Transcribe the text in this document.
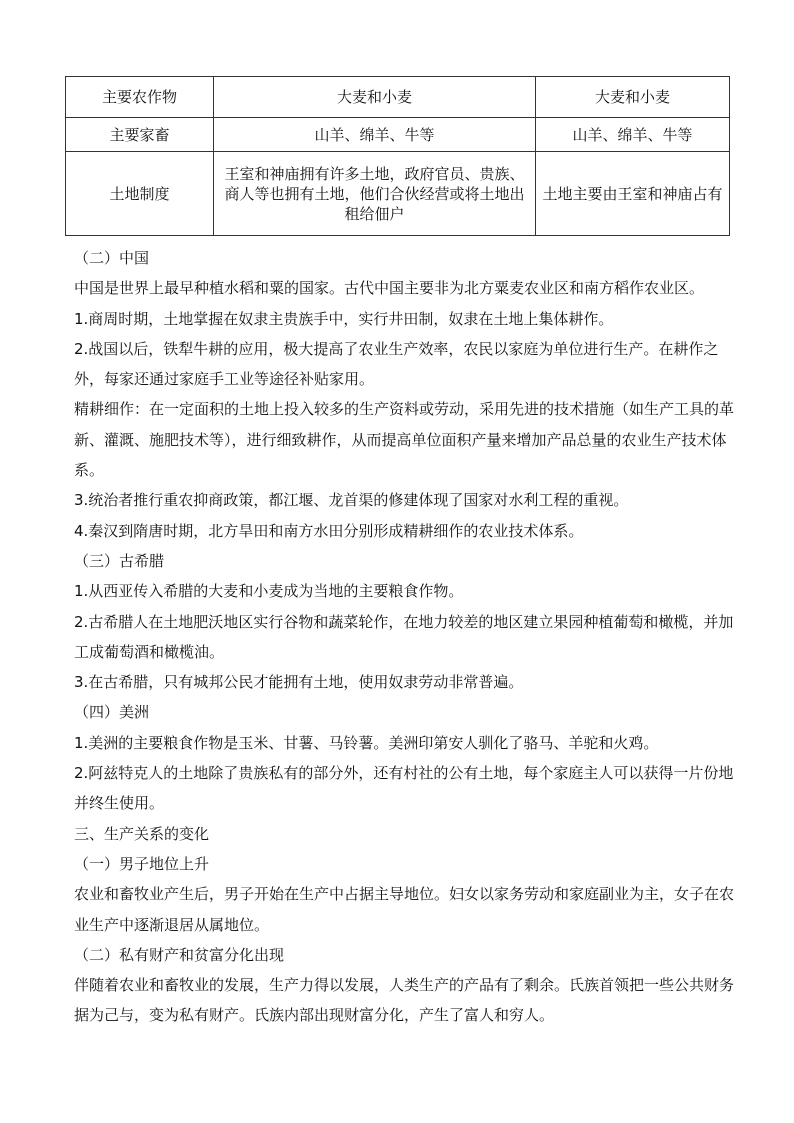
主要农作物	大麦和小麦	大麦和小麦
主要家畜	山羊、绵羊、牛等	山羊、绵羊、牛等
土地制度	王室和神庙拥有许多土地，政府官员、贵族、商人等也拥有土地，他们合伙经营或将土地出租给佃户	土地主要由王室和神庙占有
（二）中国
中国是世界上最早种植水稻和粟的国家。古代中国主要非为北方粟麦农业区和南方稻作农业区。
1.商周时期，土地掌握在奴隶主贵族手中，实行井田制，奴隶在土地上集体耕作。
2.战国以后，铁犁牛耕的应用，极大提高了农业生产效率，农民以家庭为单位进行生产。在耕作之外，每家还通过家庭手工业等途径补贴家用。
精耕细作：在一定面积的土地上投入较多的生产资料或劳动，采用先进的技术措施（如生产工具的革新、灌溉、施肥技术等），进行细致耕作，从而提高单位面积产量来增加产品总量的农业生产技术体系。
3.统治者推行重农抑商政策，都江堰、龙首渠的修建体现了国家对水利工程的重视。
4.秦汉到隋唐时期，北方旱田和南方水田分别形成精耕细作的农业技术体系。
（三）古希腊
1.从西亚传入希腊的大麦和小麦成为当地的主要粮食作物。
2.古希腊人在土地肥沃地区实行谷物和蔬菜轮作，在地力较差的地区建立果园种植葡萄和橄榄，并加工成葡萄酒和橄榄油。
3.在古希腊，只有城邦公民才能拥有土地，使用奴隶劳动非常普遍。
（四）美洲
1.美洲的主要粮食作物是玉米、甘薯、马铃薯。美洲印第安人驯化了骆马、羊驼和火鸡。
2.阿兹特克人的土地除了贵族私有的部分外，还有村社的公有土地，每个家庭主人可以获得一片份地并终生使用。
三、生产关系的变化
（一）男子地位上升
农业和畜牧业产生后，男子开始在生产中占据主导地位。妇女以家务劳动和家庭副业为主，女子在农业生产中逐渐退居从属地位。
（二）私有财产和贫富分化出现
伴随着农业和畜牧业的发展，生产力得以发展，人类生产的产品有了剩余。氏族首领把一些公共财务据为己与，变为私有财产。氏族内部出现财富分化，产生了富人和穷人。
